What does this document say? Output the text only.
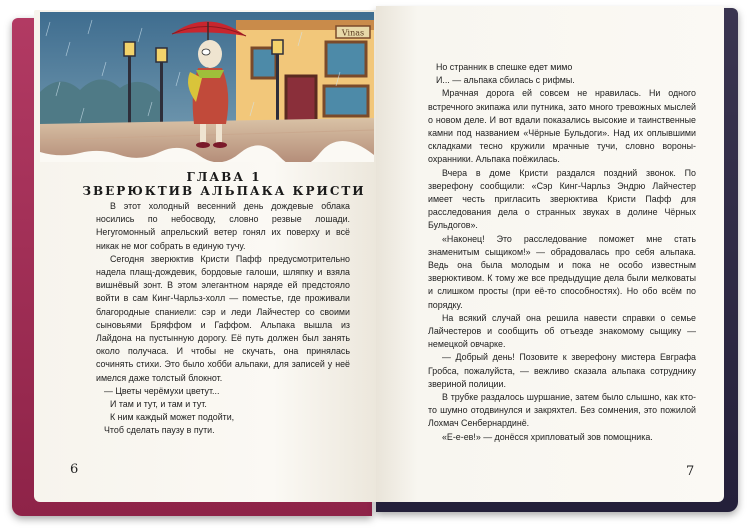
Vinas
ГЛАВА 1
ЗВЕРЮКТИВ АЛЬПАКА КРИСТИ

В этот холодный весенний день дождевые облака носились по небосводу, словно резвые лошади. Негугомонный апрельский ветер гонял их поверху и всё никак не мог собрать в единую тучу.

Сегодня зверюктив Кристи Пафф предусмотрительно надела плащ-дождевик, бордовые галоши, шляпку и взяла вишнёвый зонт. В этом элегантном наряде ей предстояло войти в сам Кинг-Чарльз-холл — поместье, где проживали благородные спаниели: сэр и леди Лайчестер со своими сыновьями Бряффом и Гаффом. Альпака вышла из Лайдона на пустынную дорогу. Её путь должен был занять около получаса. И чтобы не скучать, она принялась сочинять стихи. Это было хобби альпаки, для записей у неё имелся даже толстый блокнот.

— Цветы черёмухи цветут...

И там и тут, и там и тут.

К ним каждый может подойти,

Чтоб сделать паузу в пути.

6

Но странник в спешке едет мимо

И... — альпака сбилась с рифмы.

Мрачная дорога ей совсем не нравилась. Ни одного встречного экипажа или путника, зато много тревожных мыслей о новом деле. И вот вдали показались высокие и таинственные камни под названием «Чёрные Бульдоги». Над их оплывшими складками тесно кружили мрачные тучи, словно вороны-охранники. Альпака поёжилась.

Вчера в доме Кристи раздался поздний звонок. По зверефону сообщили: «Сэр Кинг-Чарльз Эндрю Лайчестер имеет честь пригласить зверюктива Кристи Пафф для расследования дела о странных звуках в долине Чёрных Бульдогов».

«Наконец! Это расследование поможет мне стать знаменитым сыщиком!» — обрадовалась про себя альпака. Ведь она была молодым и пока не особо известным зверюктивом. К тому же все предыдущие дела были мелковаты и слишком просты (при её-то способностях). Но обо всём по порядку.

На всякий случай она решила навести справки о семье Лайчестеров и сообщить об отъезде знакомому сыщику — немецкой овчарке.

— Добрый день! Позовите к зверефону мистера Евграфа Гробса, пожалуйста, — вежливо сказала альпака сотруднику звериной полиции.

В трубке раздалось шуршание, затем было слышно, как кто-то шумно отодвинулся и закряхтел. Без сомнения, это пожилой Лохмач Сенбернардинё.

«Е-е-ев!» — донёсся хрипловатый зов помощника.

7
